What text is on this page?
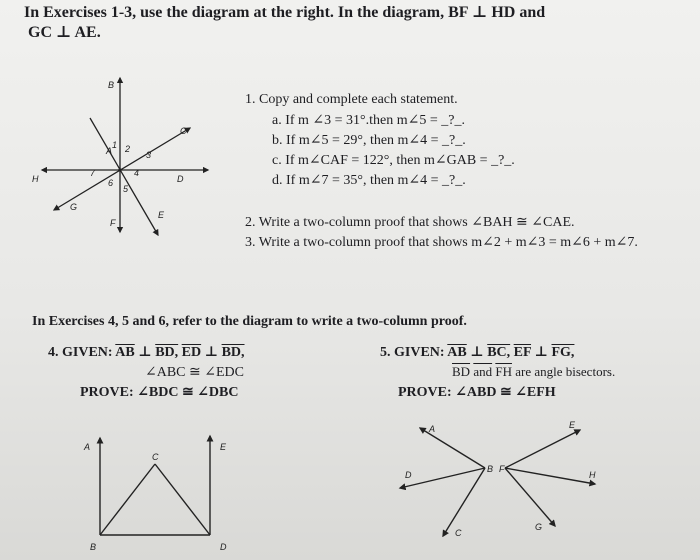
In Exercises 1-3, use the diagram at the right. In the diagram, BF ⊥ HD and
GC ⊥ AE.
B
C
D
E
F
G
H
A
1 2
3
4
5
6
7
1. Copy and complete each statement.
a. If m ∠3 = 31°.then m∠5 = _?_.
b. If m∠5 = 29°, then m∠4 = _?_.
c. If m∠CAF = 122°, then m∠GAB = _?_.
d. If m∠7 = 35°, then m∠4 = _?_.
2. Write a two-column proof that shows ∠BAH ≅ ∠CAE.
3. Write a two-column proof that shows m∠2 + m∠3 = m∠6 + m∠7.
In Exercises 4, 5 and 6, refer to the diagram to write a two-column proof.
4. GIVEN: $\overline{AB}$ ⊥ BD, $\overline{ED}$ ⊥ BD,
∠ABC ≅ ∠EDC
PROVE: ∠BDC ≅ ∠DBC
5. GIVEN: $\overline{AB}$ ⊥ BC, $\overline{EF}$ ⊥ FG,
$\overline{BD}$ $\overline{and}$ $\overline{FH}$ are angle bisectors.
PROVE: ∠ABD ≅ ∠EFH
A
B
C
D
E
A
B
C
D
E
F
G
H
